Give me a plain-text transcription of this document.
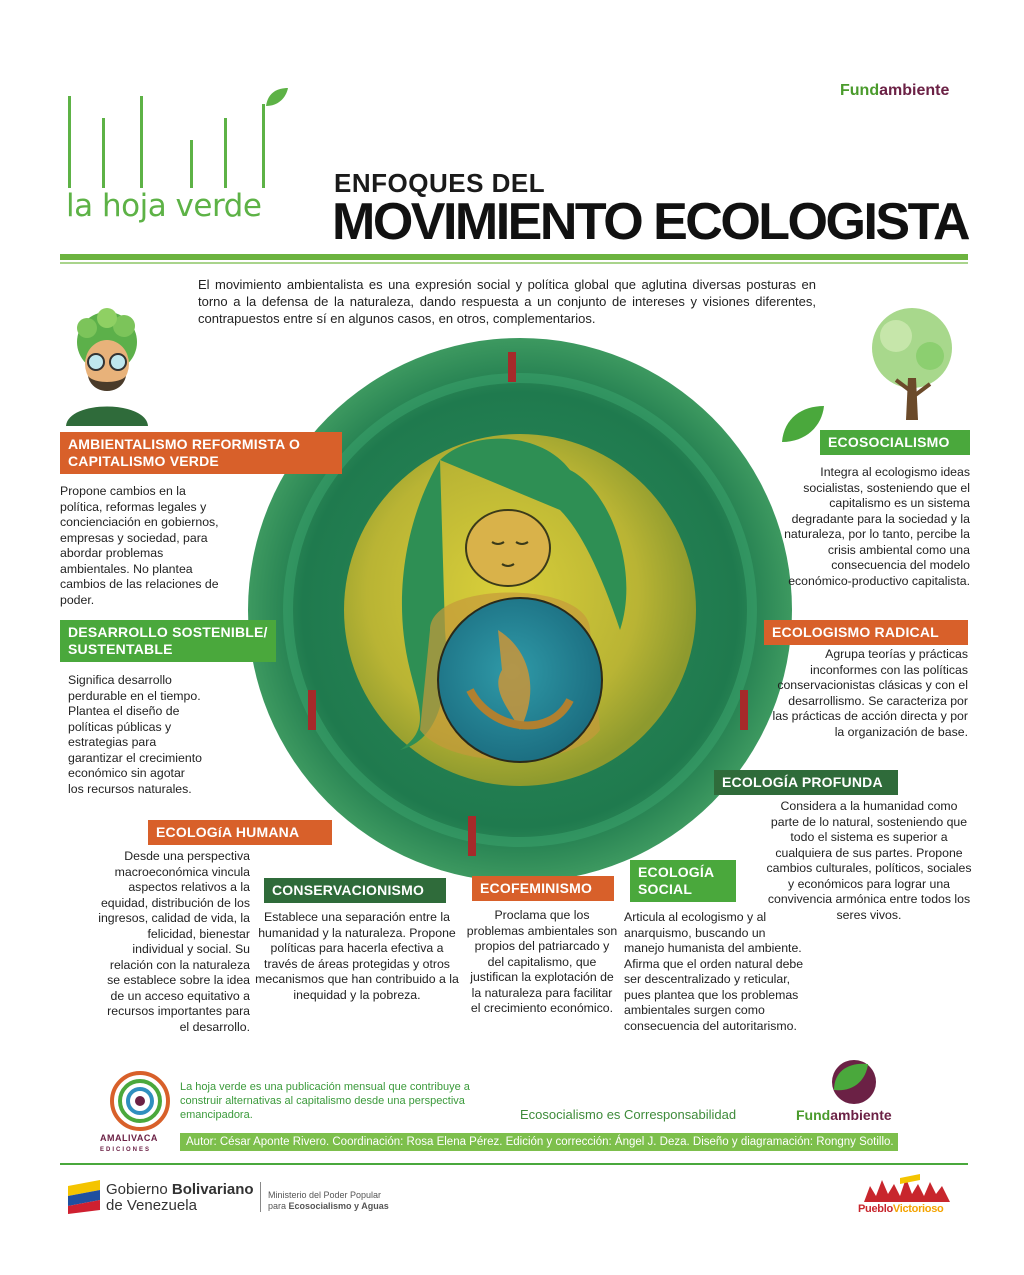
Fundambiente
la hoja verde
ENFOQUES DEL
MOVIMIENTO ECOLOGISTA
El movimiento ambientalista es una expresión social y política global que aglutina diversas posturas en torno a la defensa de la naturaleza, dando respuesta a un conjunto de intereses y visiones diferentes, contrapuestos entre sí en algunos casos, en otros, complementarios.
AMBIENTALISMO REFORMISTA O CAPITALISMO VERDE
Propone cambios en la política, reformas legales y concienciación en gobiernos, empresas y sociedad, para abordar problemas ambientales. No plantea cambios de las relaciones de poder.
DESARROLLO SOSTENIBLE/ SUSTENTABLE
Significa desarrollo perdurable en el tiempo. Plantea el diseño de políticas públicas y estrategias para garantizar el crecimiento económico sin agotar los recursos naturales.
ECOLOGíA HUMANA
Desde una perspectiva macroeconómica vincula aspectos relativos a la equidad, distribución de los ingresos, calidad de vida, la felicidad, bienestar individual y social. Su relación con la naturaleza se establece sobre la idea de un acceso equitativo a recursos importantes para el desarrollo.
CONSERVACIONISMO
Establece una separación entre la humanidad y la naturaleza. Propone políticas para hacerla efectiva a través de áreas protegidas y otros mecanismos que han contribuido a la inequidad y la pobreza.
ECOFEMINISMO
Proclama que los problemas ambientales son propios del patriarcado y del capitalismo, que justifican la explotación de la naturaleza para facilitar el crecimiento económico.
ECOLOGÍA SOCIAL
Articula al ecologismo y al anarquismo, buscando un manejo humanista del ambiente. Afirma que el orden natural debe ser descentralizado y reticular, pues plantea que los problemas ambientales surgen como consecuencia del autoritarismo.
ECOSOCIALISMO
Integra al ecologismo ideas socialistas, sosteniendo que el capitalismo es un sistema degradante para la sociedad y la naturaleza, por lo tanto, percibe la crisis ambiental como una consecuencia del modelo económico-productivo capitalista.
ECOLOGISMO RADICAL
Agrupa teorías y prácticas inconformes con las políticas conservacionistas clásicas y con el desarrollismo. Se caracteriza por las prácticas de acción directa y por la organización de base.
ECOLOGÍA PROFUNDA
Considera a la humanidad como parte de lo natural, sosteniendo que todo el sistema es superior a cualquiera de sus partes. Propone cambios culturales, políticos, sociales y económicos para lograr una convivencia armónica entre todos los seres vivos.
AMALIVACA
EDICIONES
La hoja verde es una publicación mensual que contribuye a construir alternativas al capitalismo desde una perspectiva emancipadora.	Ecosocialismo es Corresponsabilidad	Fundambiente
Autor: César Aponte Rivero. Coordinación: Rosa Elena Pérez. Edición y corrección: Ángel J. Deza. Diseño y diagramación: Rongny Sotillo.
Gobierno Bolivariano
de Venezuela
Ministerio del Poder Popular
para Ecosocialismo y Aguas	PuebloVictorioso
